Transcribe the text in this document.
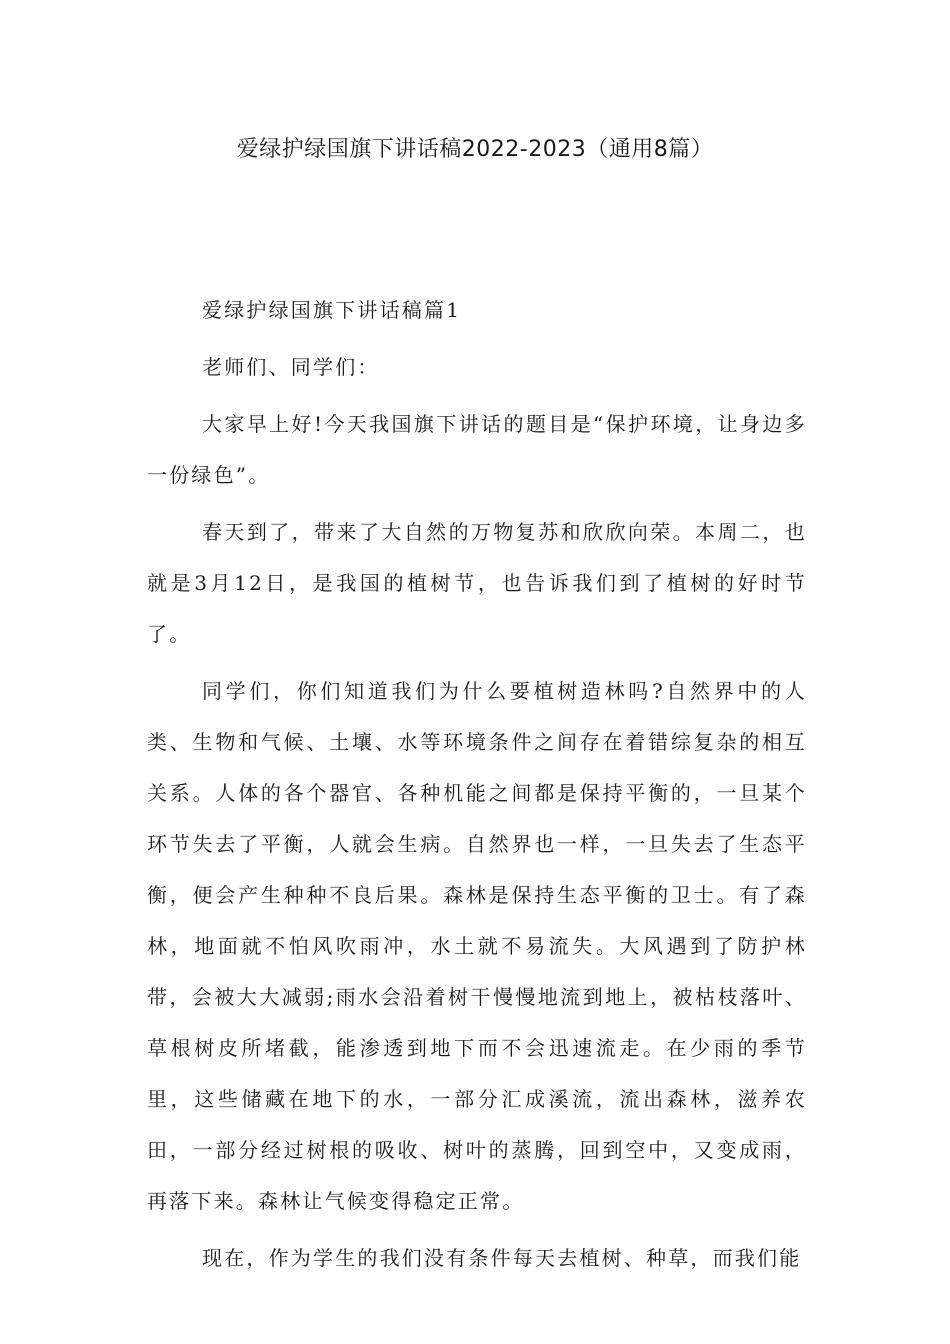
爱绿护绿国旗下讲话稿2022-2023（通用8篇）

爱绿护绿国旗下讲话稿篇1

老师们、同学们：

大家早上好!今天我国旗下讲话的题目是“保护环境，让身边多一份绿色”。

春天到了，带来了大自然的万物复苏和欣欣向荣。本周二，也就是3月12日，是我国的植树节，也告诉我们到了植树的好时节了。

同学们，你们知道我们为什么要植树造林吗?自然界中的人类、生物和气候、土壤、水等环境条件之间存在着错综复杂的相互关系。人体的各个器官、各种机能之间都是保持平衡的，一旦某个环节失去了平衡，人就会生病。自然界也一样，一旦失去了生态平衡，便会产生种种不良后果。森林是保持生态平衡的卫士。有了森林，地面就不怕风吹雨冲，水土就不易流失。大风遇到了防护林带，会被大大减弱;雨水会沿着树干慢慢地流到地上，被枯枝落叶、草根树皮所堵截，能渗透到地下而不会迅速流走。在少雨的季节里，这些储藏在地下的水，一部分汇成溪流，流出森林，滋养农田，一部分经过树根的吸收、树叶的蒸腾，回到空中，又变成雨，再落下来。森林让气候变得稳定正常。

现在，作为学生的我们没有条件每天去植树、种草，而我们能
